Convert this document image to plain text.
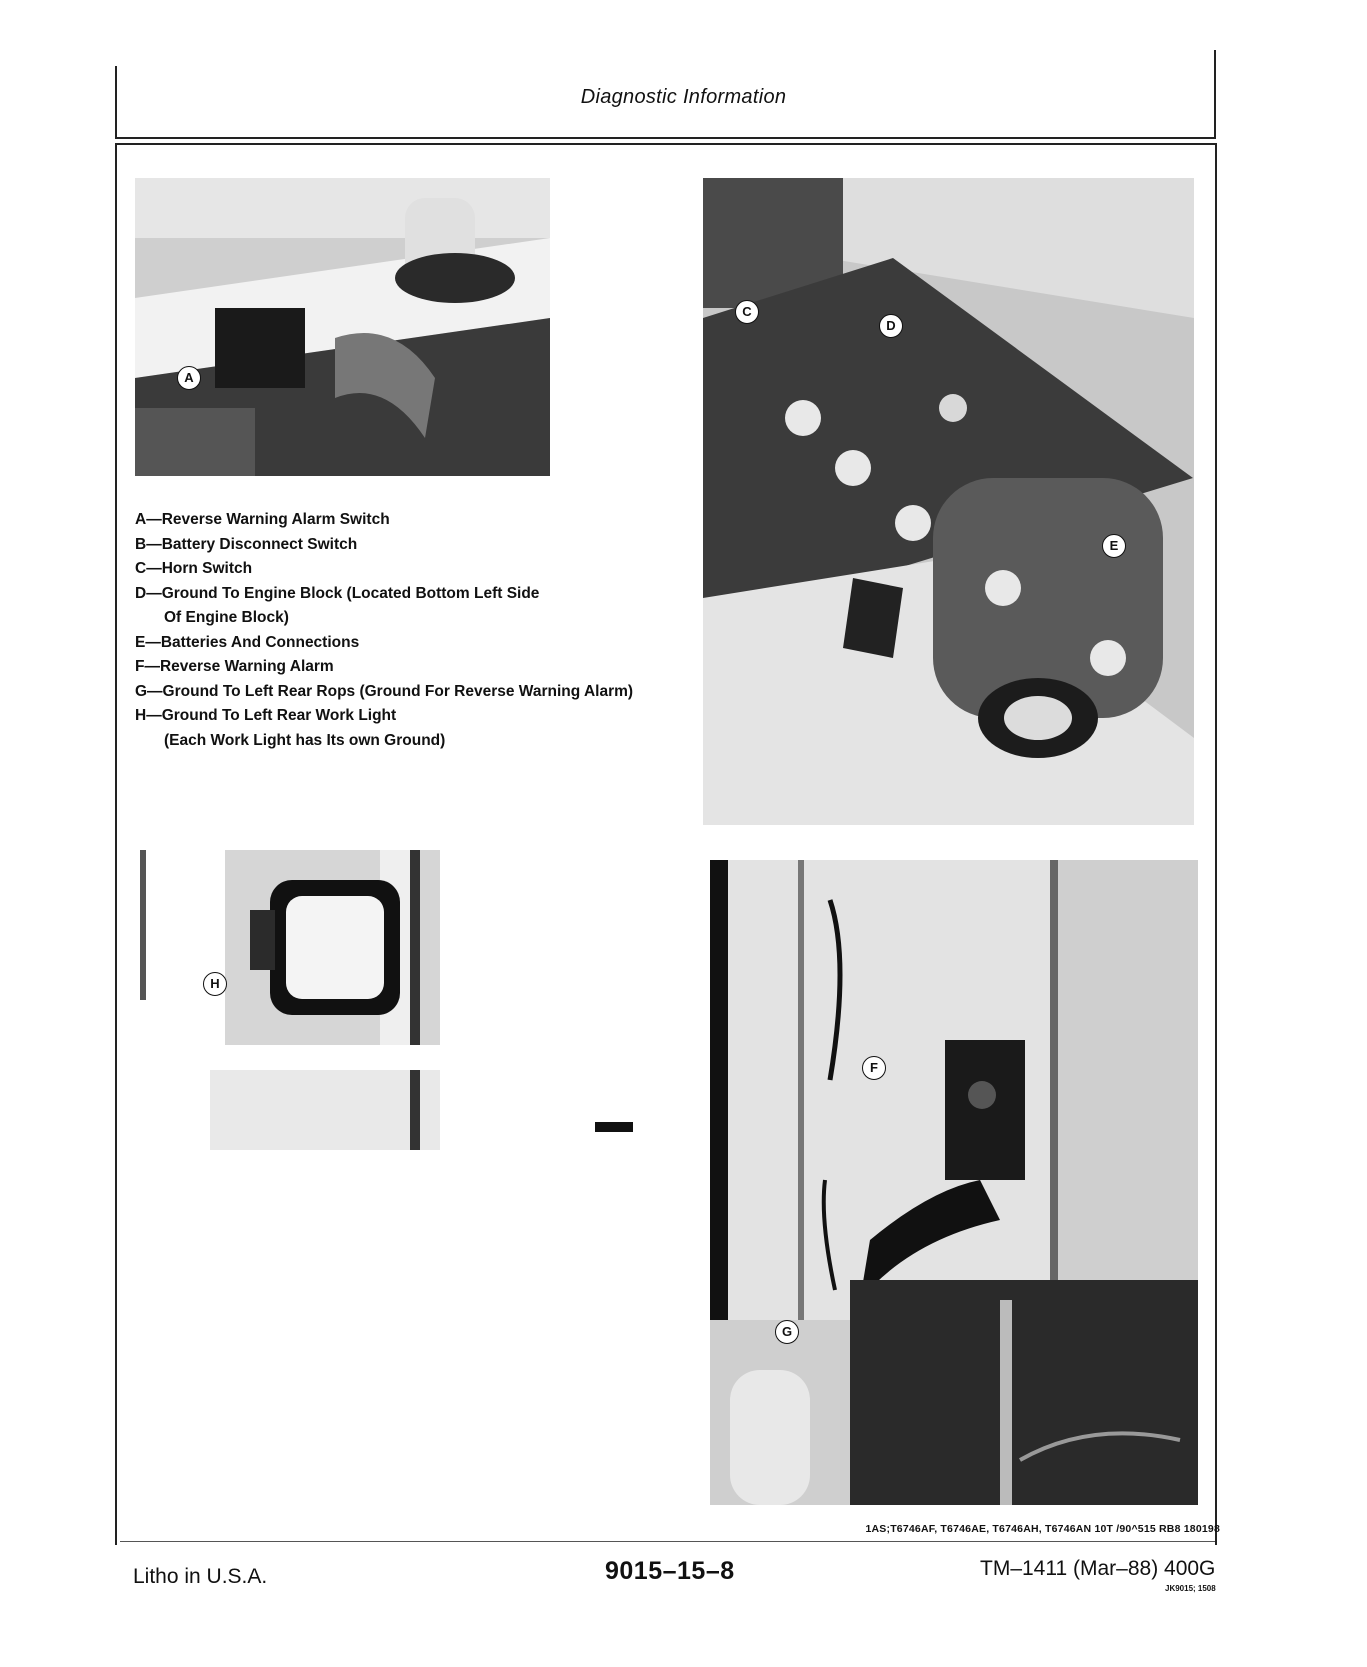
Diagnostic Information
A
C
D
E
A—Reverse Warning Alarm Switch
B—Battery Disconnect Switch
C—Horn Switch
D—Ground To Engine Block (Located Bottom Left Side
Of Engine Block)
E—Batteries And Connections
F—Reverse Warning Alarm
G—Ground To Left Rear Rops (Ground For Reverse Warning Alarm)
H—Ground To Left Rear Work Light
(Each Work Light has Its own Ground)
H
F
G
1AS;T6746AF, T6746AE, T6746AH, T6746AN 10T /90^515 RB8 180198
Litho in U.S.A.	9015–15–8	TM–1411 (Mar–88) 400G
JK9015; 1508
